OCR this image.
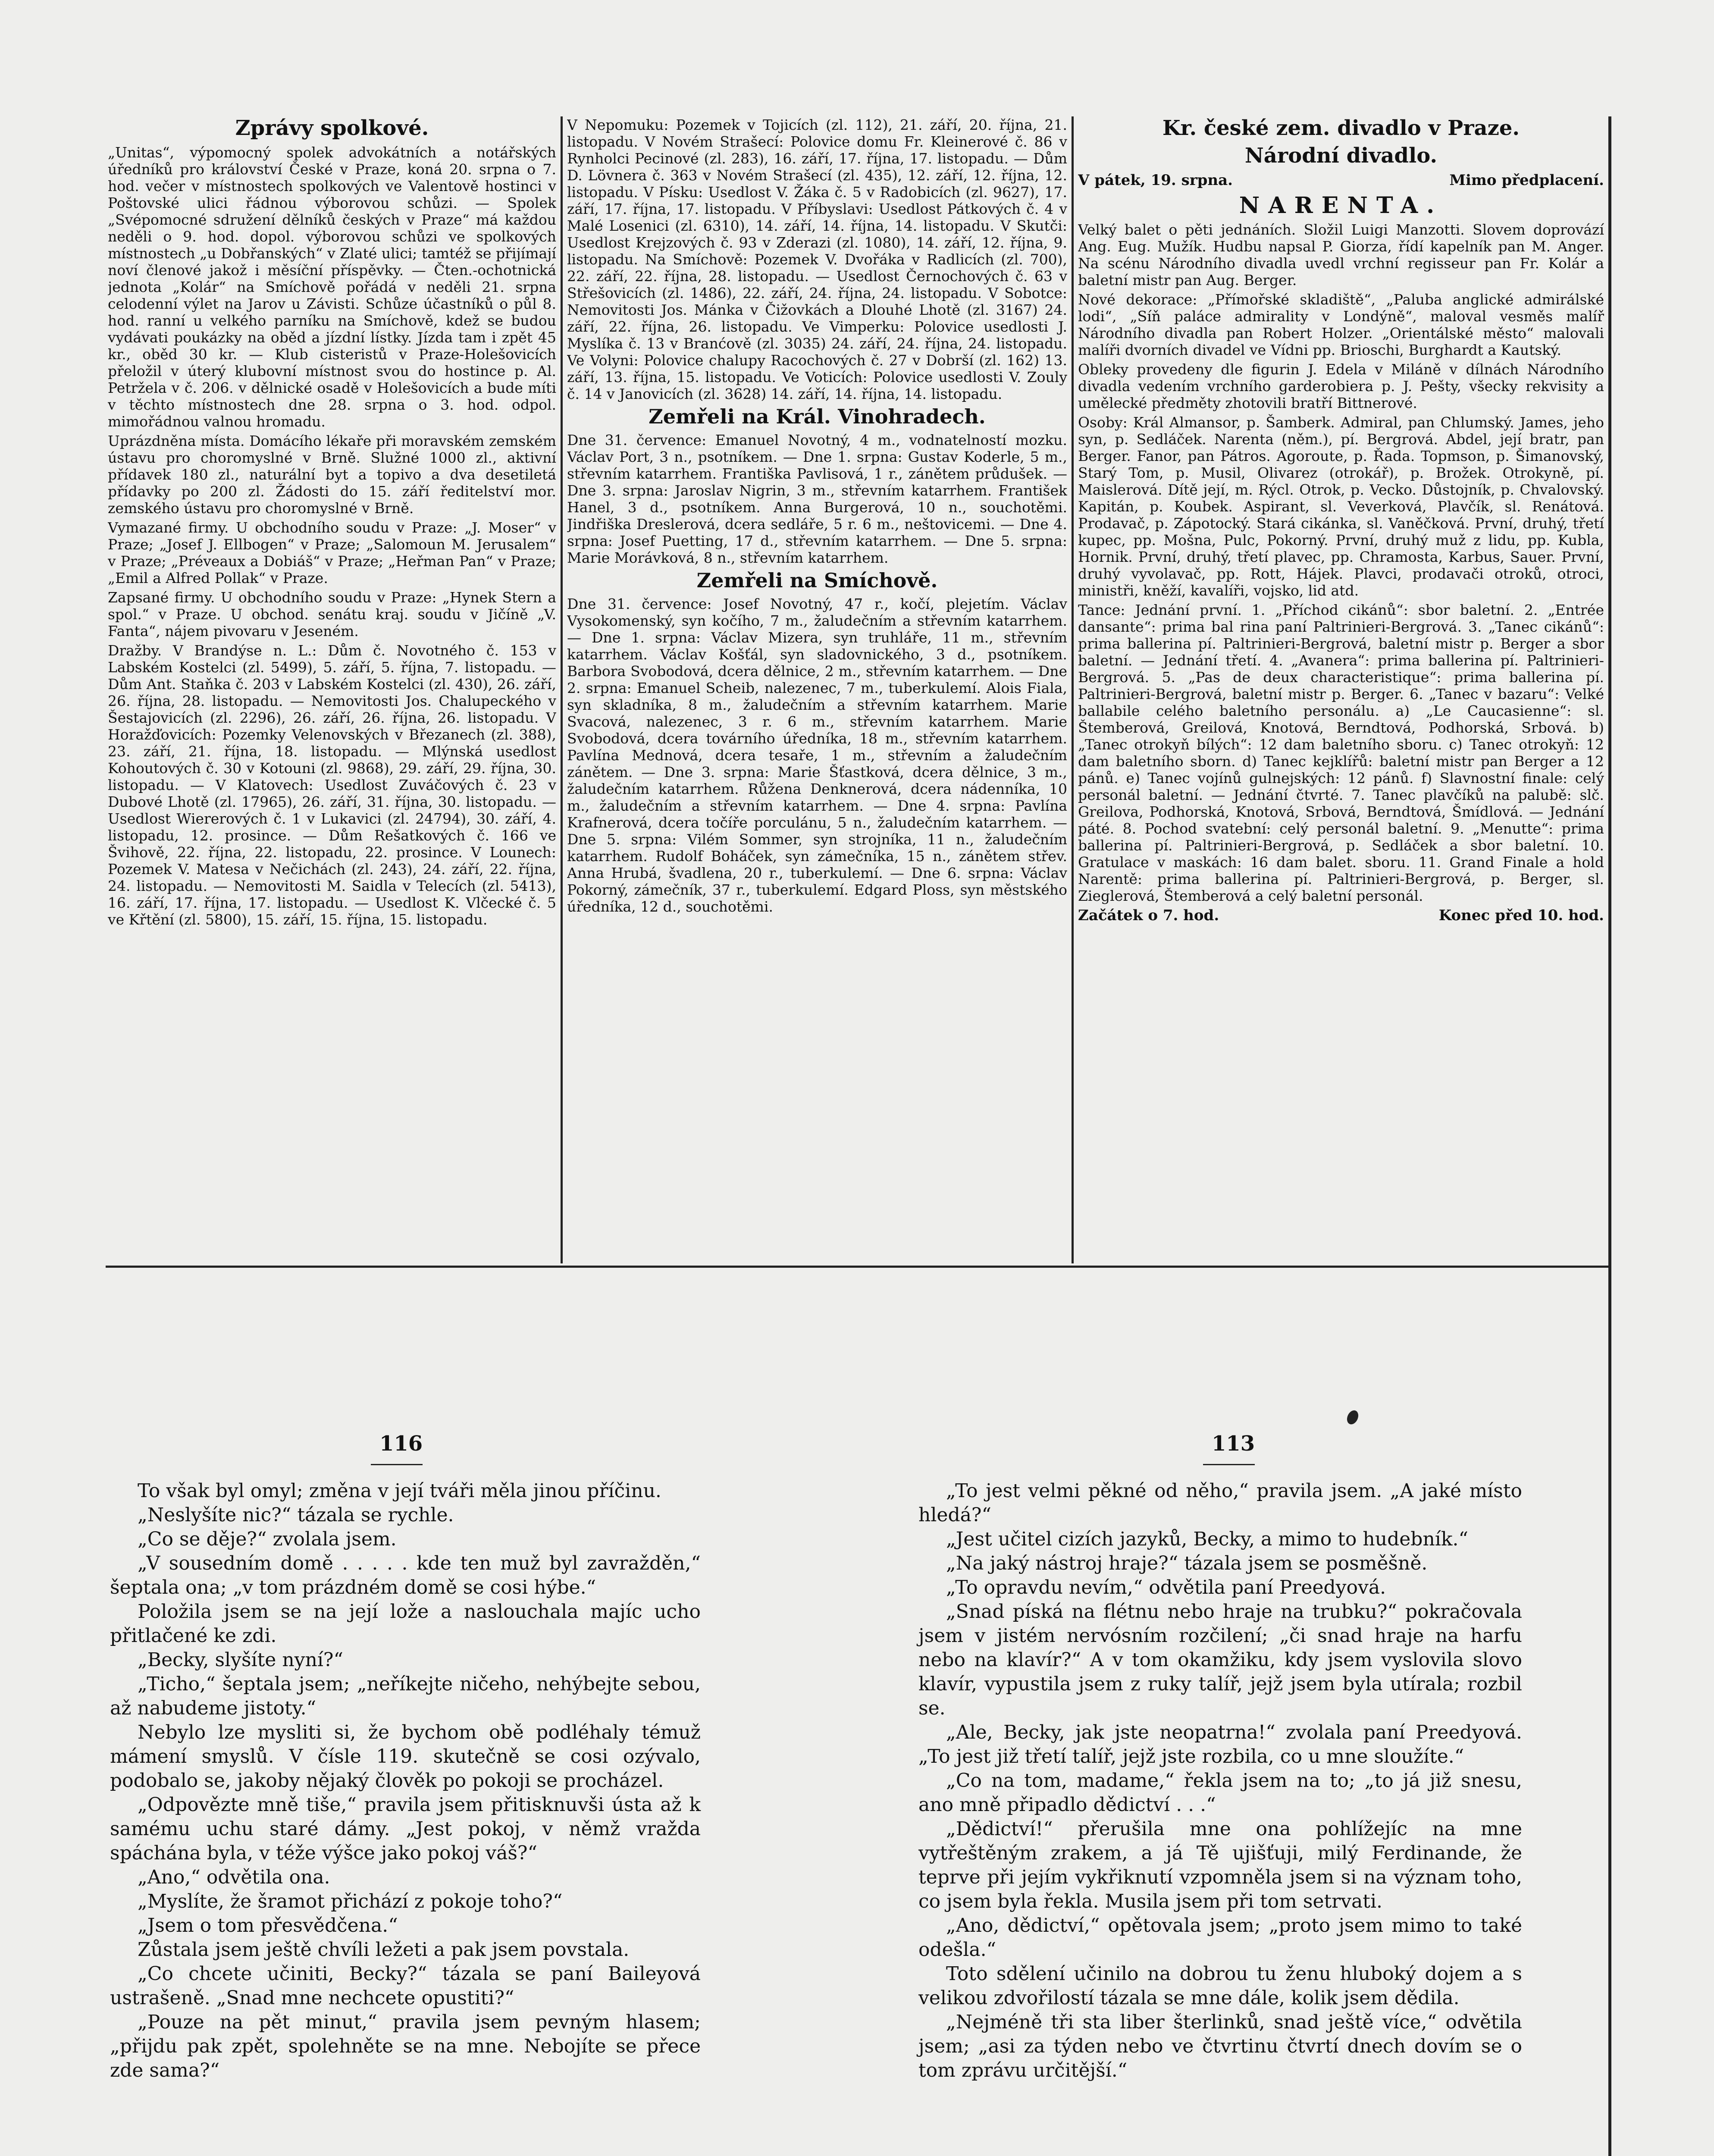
Zprávy spolkové.

„Unitas“, výpomocný spolek advokátních a notářských úředníků pro království České v Praze, koná 20. srpna o 7. hod. večer v místnostech spolkových ve Valentově hostinci v Poštovské ulici řádnou výborovou schůzi. — Spolek „Svépomocné sdružení dělníků českých v Praze“ má každou neděli o 9. hod. dopol. výborovou schůzi ve spolkových místnostech „u Dobřanských“ v Zlaté ulici; tamtéž se přijímají noví členové jakož i měsíční příspěvky. — Čten.-ochotnická jednota „Kolár“ na Smíchově pořádá v neděli 21. srpna celodenní výlet na Jarov u Závisti. Schůze účastníků o půl 8. hod. ranní u velkého parníku na Smíchově, kdež se budou vydávati poukázky na oběd a jízdní lístky. Jízda tam i zpět 45 kr., oběd 30 kr. — Klub cisteristů v Praze-Holešovicích přeložil v úterý klubovní místnost svou do hostince p. Al. Petržela v č. 206. v dělnické osadě v Holešovicích a bude míti v těchto místnostech dne 28. srpna o 3. hod. odpol. mimořádnou valnou hromadu.

Uprázdněna místa. Domácího lékaře při moravském zemském ústavu pro choromyslné v Brně. Služné 1000 zl., aktivní přídavek 180 zl., naturální byt a topivo a dva desetiletá přídavky po 200 zl. Žádosti do 15. září ředitelství mor. zemského ústavu pro choromyslné v Brně.

Vymazané firmy. U obchodního soudu v Praze: „J. Moser“ v Praze; „Josef J. Ellbogen“ v Praze; „Salomoun M. Jerusalem“ v Praze; „Préveaux a Dobiáš“ v Praze; „Heřman Pan“ v Praze; „Emil a Alfred Pollak“ v Praze.

Zapsané firmy. U obchodního soudu v Praze: „Hynek Stern a spol.“ v Praze. U obchod. senátu kraj. soudu v Jičíně „V. Fanta“, nájem pivovaru v Jeseném.

Dražby. V Brandýse n. L.: Dům č. Novotného č. 153 v Labském Kostelci (zl. 5499), 5. září, 5. října, 7. listopadu. — Dům Ant. Staňka č. 203 v Labském Kostelci (zl. 430), 26. září, 26. října, 28. listopadu. — Nemovitosti Jos. Chalupeckého v Šestajovicích (zl. 2296), 26. září, 26. října, 26. listopadu. V Horažďovicích: Pozemky Velenovských v Březanech (zl. 388), 23. září, 21. října, 18. listopadu. — Mlýnská usedlost Kohoutových č. 30 v Kotouni (zl. 9868), 29. září, 29. října, 30. listopadu. — V Klatovech: Usedlost Zuváčových č. 23 v Dubové Lhotě (zl. 17965), 26. září, 31. října, 30. listopadu. — Usedlost Wiererových č. 1 v Lukavici (zl. 24794), 30. září, 4. listopadu, 12. prosince. — Dům Rešatkových č. 166 ve Švihově, 22. října, 22. listopadu, 22. prosince. V Lounech: Pozemek V. Matesa v Nečichách (zl. 243), 24. září, 22. října, 24. listopadu. — Nemovitosti M. Saidla v Telecích (zl. 5413), 16. září, 17. října, 17. listopadu. — Usedlost K. Vlčecké č. 5 ve Křtění (zl. 5800), 15. září, 15. října, 15. listopadu.

V Nepomuku: Pozemek v Tojicích (zl. 112), 21. září, 20. října, 21. listopadu. V Novém Strašecí: Polovice domu Fr. Kleinerové č. 86 v Rynholci Pecinové (zl. 283), 16. září, 17. října, 17. listopadu. — Dům D. Lövnera č. 363 v Novém Strašecí (zl. 435), 12. září, 12. října, 12. listopadu. V Písku: Usedlost V. Žáka č. 5 v Radobicích (zl. 9627), 17. září, 17. října, 17. listopadu. V Příbyslavi: Usedlost Pátkových č. 4 v Malé Losenici (zl. 6310), 14. září, 14. října, 14. listopadu. V Skutči: Usedlost Krejzových č. 93 v Zderazi (zl. 1080), 14. září, 12. října, 9. listopadu. Na Smíchově: Pozemek V. Dvořáka v Radlicích (zl. 700), 22. září, 22. října, 28. listopadu. — Usedlost Černochových č. 63 v Střešovicích (zl. 1486), 22. září, 24. října, 24. listopadu. V Sobotce: Nemovitosti Jos. Mánka v Čižovkách a Dlouhé Lhotě (zl. 3167) 24. září, 22. října, 26. listopadu. Ve Vimperku: Polovice usedlosti J. Myslíka č. 13 v Branćově (zl. 3035) 24. září, 24. října, 24. listopadu. Ve Volyni: Polovice chalupy Racochových č. 27 v Dobrší (zl. 162) 13. září, 13. října, 15. listopadu. Ve Voticích: Polovice usedlosti V. Zouly č. 14 v Janovicích (zl. 3628) 14. září, 14. října, 14. listopadu.

Zemřeli na Král. Vinohradech.

Dne 31. července: Emanuel Novotný, 4 m., vodnatelností mozku. Václav Port, 3 n., psotníkem. — Dne 1. srpna: Gustav Koderle, 5 m., střevním katarrhem. Františka Pavlisová, 1 r., zánětem průdušek. — Dne 3. srpna: Jaroslav Nigrin, 3 m., střevním katarrhem. František Hanel, 3 d., psotníkem. Anna Burgerová, 10 n., souchotěmi. Jindřiška Dreslerová, dcera sedláře, 5 r. 6 m., neštovicemi. — Dne 4. srpna: Josef Puetting, 17 d., střevním katarrhem. — Dne 5. srpna: Marie Morávková, 8 n., střevním katarrhem.

Zemřeli na Smíchově.

Dne 31. července: Josef Novotný, 47 r., kočí, plejetím. Václav Vysokomenský, syn kočího, 7 m., žaludečním a střevním katarrhem. — Dne 1. srpna: Václav Mizera, syn truhláře, 11 m., střevním katarrhem. Václav Košťál, syn sladovnického, 3 d., psotníkem. Barbora Svobodová, dcera dělnice, 2 m., střevním katarrhem. — Dne 2. srpna: Emanuel Scheib, nalezenec, 7 m., tuberkulemí. Alois Fiala, syn skladníka, 8 m., žaludečním a střevním katarrhem. Marie Svacová, nalezenec, 3 r. 6 m., střevním katarrhem. Marie Svobodová, dcera továrního úředníka, 18 m., střevním katarrhem. Pavlína Mednová, dcera tesaře, 1 m., střevním a žaludečním zánětem. — Dne 3. srpna: Marie Šťastková, dcera dělnice, 3 m., žaludečním katarrhem. Růžena Denknerová, dcera nádenníka, 10 m., žaludečním a střevním katarrhem. — Dne 4. srpna: Pavlína Krafnerová, dcera točíře porculánu, 5 n., žaludečním katarrhem. — Dne 5. srpna: Vilém Sommer, syn strojníka, 11 n., žaludečním katarrhem. Rudolf Boháček, syn zámečníka, 15 n., zánětem střev. Anna Hrubá, švadlena, 20 r., tuberkulemí. — Dne 6. srpna: Václav Pokorný, zámečník, 37 r., tuberkulemí. Edgard Ploss, syn městského úředníka, 12 d., souchotěmi.

Kr. české zem. divadlo v Praze.
Národní divadlo.
V pátek, 19. srpna.	Mimo předplacení.
NARENTA.

Velký balet o pěti jednáních. Složil Luigi Manzotti. Slovem doprovází Ang. Eug. Mužík. Hudbu napsal P. Giorza, řídí kapelník pan M. Anger. Na scénu Národního divadla uvedl vrchní regisseur pan Fr. Kolár a baletní mistr pan Aug. Berger.

Nové dekorace: „Přímořské skladiště“, „Paluba anglické admirálské lodi“, „Síň paláce admirality v Londýně“, maloval vesměs malíř Národního divadla pan Robert Holzer. „Orientálské město“ malovali malíři dvorních divadel ve Vídni pp. Brioschi, Burghardt a Kautský.

Obleky provedeny dle figurin J. Edela v Miláně v dílnách Národního divadla vedením vrchního garderobiera p. J. Pešty, všecky rekvisity a umělecké předměty zhotovili bratří Bittnerové.

Osoby: Král Almansor, p. Šamberk. Admiral, pan Chlumský. James, jeho syn, p. Sedláček. Narenta (něm.), pí. Bergrová. Abdel, její bratr, pan Berger. Fanor, pan Pátros. Agoroute, p. Řada. Topmson, p. Šimanovský, Starý Tom, p. Musil, Olivarez (otrokář), p. Brožek. Otrokyně, pí. Maislerová. Dítě její, m. Rýcl. Otrok, p. Vecko. Důstojník, p. Chvalovský. Kapitán, p. Koubek. Aspirant, sl. Veverková, Plavčík, sl. Renátová. Prodavač, p. Zápotocký. Stará cikánka, sl. Vaněčková. První, druhý, třetí kupec, pp. Mošna, Pulc, Pokorný. První, druhý muž z lidu, pp. Kubla, Hornik. První, druhý, třetí plavec, pp. Chramosta, Karbus, Sauer. První, druhý vyvolavač, pp. Rott, Hájek. Plavci, prodavači otroků, otroci, ministři, kněží, kavalíři, vojsko, lid atd.

Tance: Jednání první. 1. „Příchod cikánů“: sbor baletní. 2. „Entrée dansante“: prima bal rina paní Paltrinieri-Bergrová. 3. „Tanec cikánů“: prima ballerina pí. Paltrinieri-Bergrová, baletní mistr p. Berger a sbor baletní. — Jednání třetí. 4. „Avanera“: prima ballerina pí. Paltrinieri-Bergrová. 5. „Pas de deux characteristique“: prima ballerina pí. Paltrinieri-Bergrová, baletní mistr p. Berger. 6. „Tanec v bazaru“: Velké ballabile celého baletního personálu. a) „Le Caucasienne“: sl. Štemberová, Greilová, Knotová, Berndtová, Podhorská, Srbová. b) „Tanec otrokyň bílých“: 12 dam baletního sboru. c) Tanec otrokyň: 12 dam baletního sborn. d) Tanec kejklířů: baletní mistr pan Berger a 12 pánů. e) Tanec vojínů gulnejských: 12 pánů. f) Slavnostní finale: celý personál baletní. — Jednání čtvrté. 7. Tanec plavčíků na palubě: slč. Greilova, Podhorská, Knotová, Srbová, Berndtová, Šmídlová. — Jednání páté. 8. Pochod svatební: celý personál baletní. 9. „Menutte“: prima ballerina pí. Paltrinieri-Bergrová, p. Sedláček a sbor baletní. 10. Gratulace v maskách: 16 dam balet. sboru. 11. Grand Finale a hold Narentě: prima ballerina pí. Paltrinieri-Bergrová, p. Berger, sl. Zieglerová, Štemberová a celý baletní personál.

Začátek o 7. hod.	Konec před 10. hod.
116	113

To však byl omyl; změna v její tváři měla jinou příčinu.

„Neslyšíte nic?“ tázala se rychle.

„Co se děje?“ zvolala jsem.

„V sousedním domě . . . . . kde ten muž byl zavražděn,“ šeptala ona; „v tom prázdném domě se cosi hýbe.“

Položila jsem se na její lože a naslouchala majíc ucho přitlačené ke zdi.

„Becky, slyšíte nyní?“

„Ticho,“ šeptala jsem; „neříkejte ničeho, nehýbejte sebou, až nabudeme jistoty.“

Nebylo lze mysliti si, že bychom obě podléhaly témuž mámení smyslů. V čísle 119. skutečně se cosi ozývalo, podobalo se, jakoby nějaký člověk po pokoji se procházel.

„Odpovězte mně tiše,“ pravila jsem přitisknuvši ústa až k samému uchu staré dámy. „Jest pokoj, v němž vražda spáchána byla, v téže výšce jako pokoj váš?“

„Ano,“ odvětila ona.

„Myslíte, že šramot přichází z pokoje toho?“

„Jsem o tom přesvědčena.“

Zůstala jsem ještě chvíli ležeti a pak jsem povstala.

„Co chcete učiniti, Becky?“ tázala se paní Baileyová ustrašeně. „Snad mne nechcete opustiti?“

„Pouze na pět minut,“ pravila jsem pevným hlasem; „přijdu pak zpět, spolehněte se na mne. Nebojíte se přece zde sama?“

„To jest velmi pěkné od něho,“ pravila jsem. „A jaké místo hledá?“

„Jest učitel cizích jazyků, Becky, a mimo to hudebník.“

„Na jaký nástroj hraje?“ tázala jsem se posměšně.

„To opravdu nevím,“ odvětila paní Preedyová.

„Snad píská na flétnu nebo hraje na trubku?“ pokračovala jsem v jistém nervósním rozčilení; „či snad hraje na harfu nebo na klavír?“ A v tom okamžiku, kdy jsem vyslovila slovo klavír, vypustila jsem z ruky talíř, jejž jsem byla utírala; rozbil se.

„Ale, Becky, jak jste neopatrna!“ zvolala paní Preedyová. „To jest již třetí talíř, jejž jste rozbila, co u mne sloužíte.“

„Co na tom, madame,“ řekla jsem na to; „to já již snesu, ano mně připadlo dědictví . . .“

„Dědictví!“ přerušila mne ona pohlížejíc na mne vytřeštěným zrakem, a já Tě ujišťuji, milý Ferdinande, že teprve při jejím vykřiknutí vzpomněla jsem si na význam toho, co jsem byla řekla. Musila jsem při tom setrvati.

„Ano, dědictví,“ opětovala jsem; „proto jsem mimo to také odešla.“

Toto sdělení učinilo na dobrou tu ženu hluboký dojem a s velikou zdvořilostí tázala se mne dále, kolik jsem dědila.

„Nejméně tři sta liber šterlinků, snad ještě více,“ odvětila jsem; „asi za týden nebo ve čtvrtinu čtvrtí dnech dovím se o tom zprávu určitější.“
